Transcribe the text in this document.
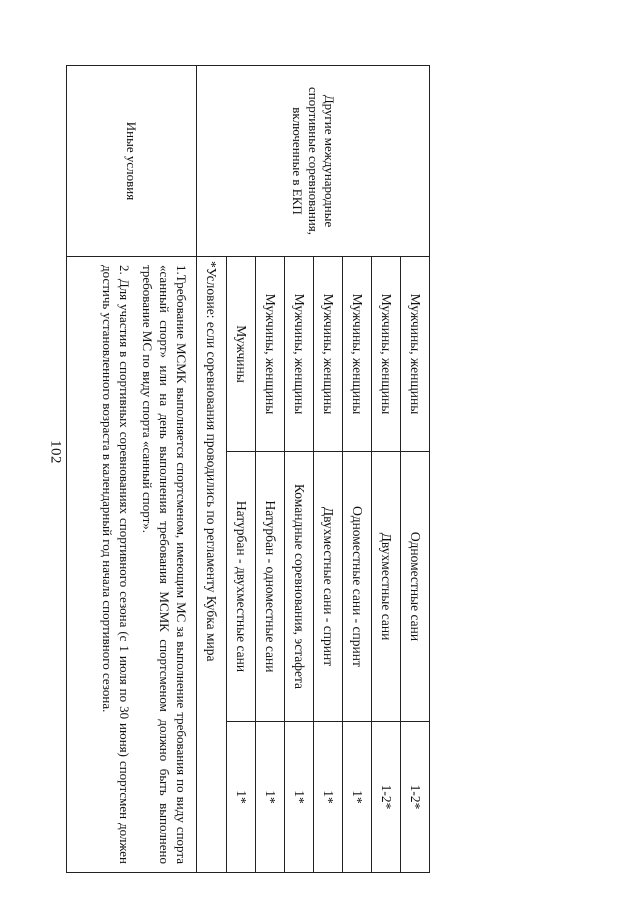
102
Другие международные спортивные соревнования, включенные в ЕКП
Мужчины, женщины
Одноместные сани
1-2*
Мужчины, женщины
Двухместные сани
1-2*
Мужчины, женщины
Одноместные сани - спринт
1*
Мужчины, женщины
Двухместные сани - спринт
1*
Мужчины, женщины
Командные соревнования, эстафета
1*
Мужчины, женщины
Натурбан - одноместные сани
1*
Мужчины
Натурбан - двухместные сани
1*
*Условие: если соревнования проводились по регламенту Кубка мира
Иные условия

1.Требование МСМК выполняется спортсменом, имеющим МС за выполнение требования по виду спорта «санный спорт» или на день выполнения требования МСМК спортсменом должно быть выполнено требование МС по виду спорта «санный спорт».

2. Для участия в спортивных соревнованиях спортивного сезона (с 1 июля по 30 июня) спортсмен должен достичь установленного возраста в календарный год начала спортивного сезона.
